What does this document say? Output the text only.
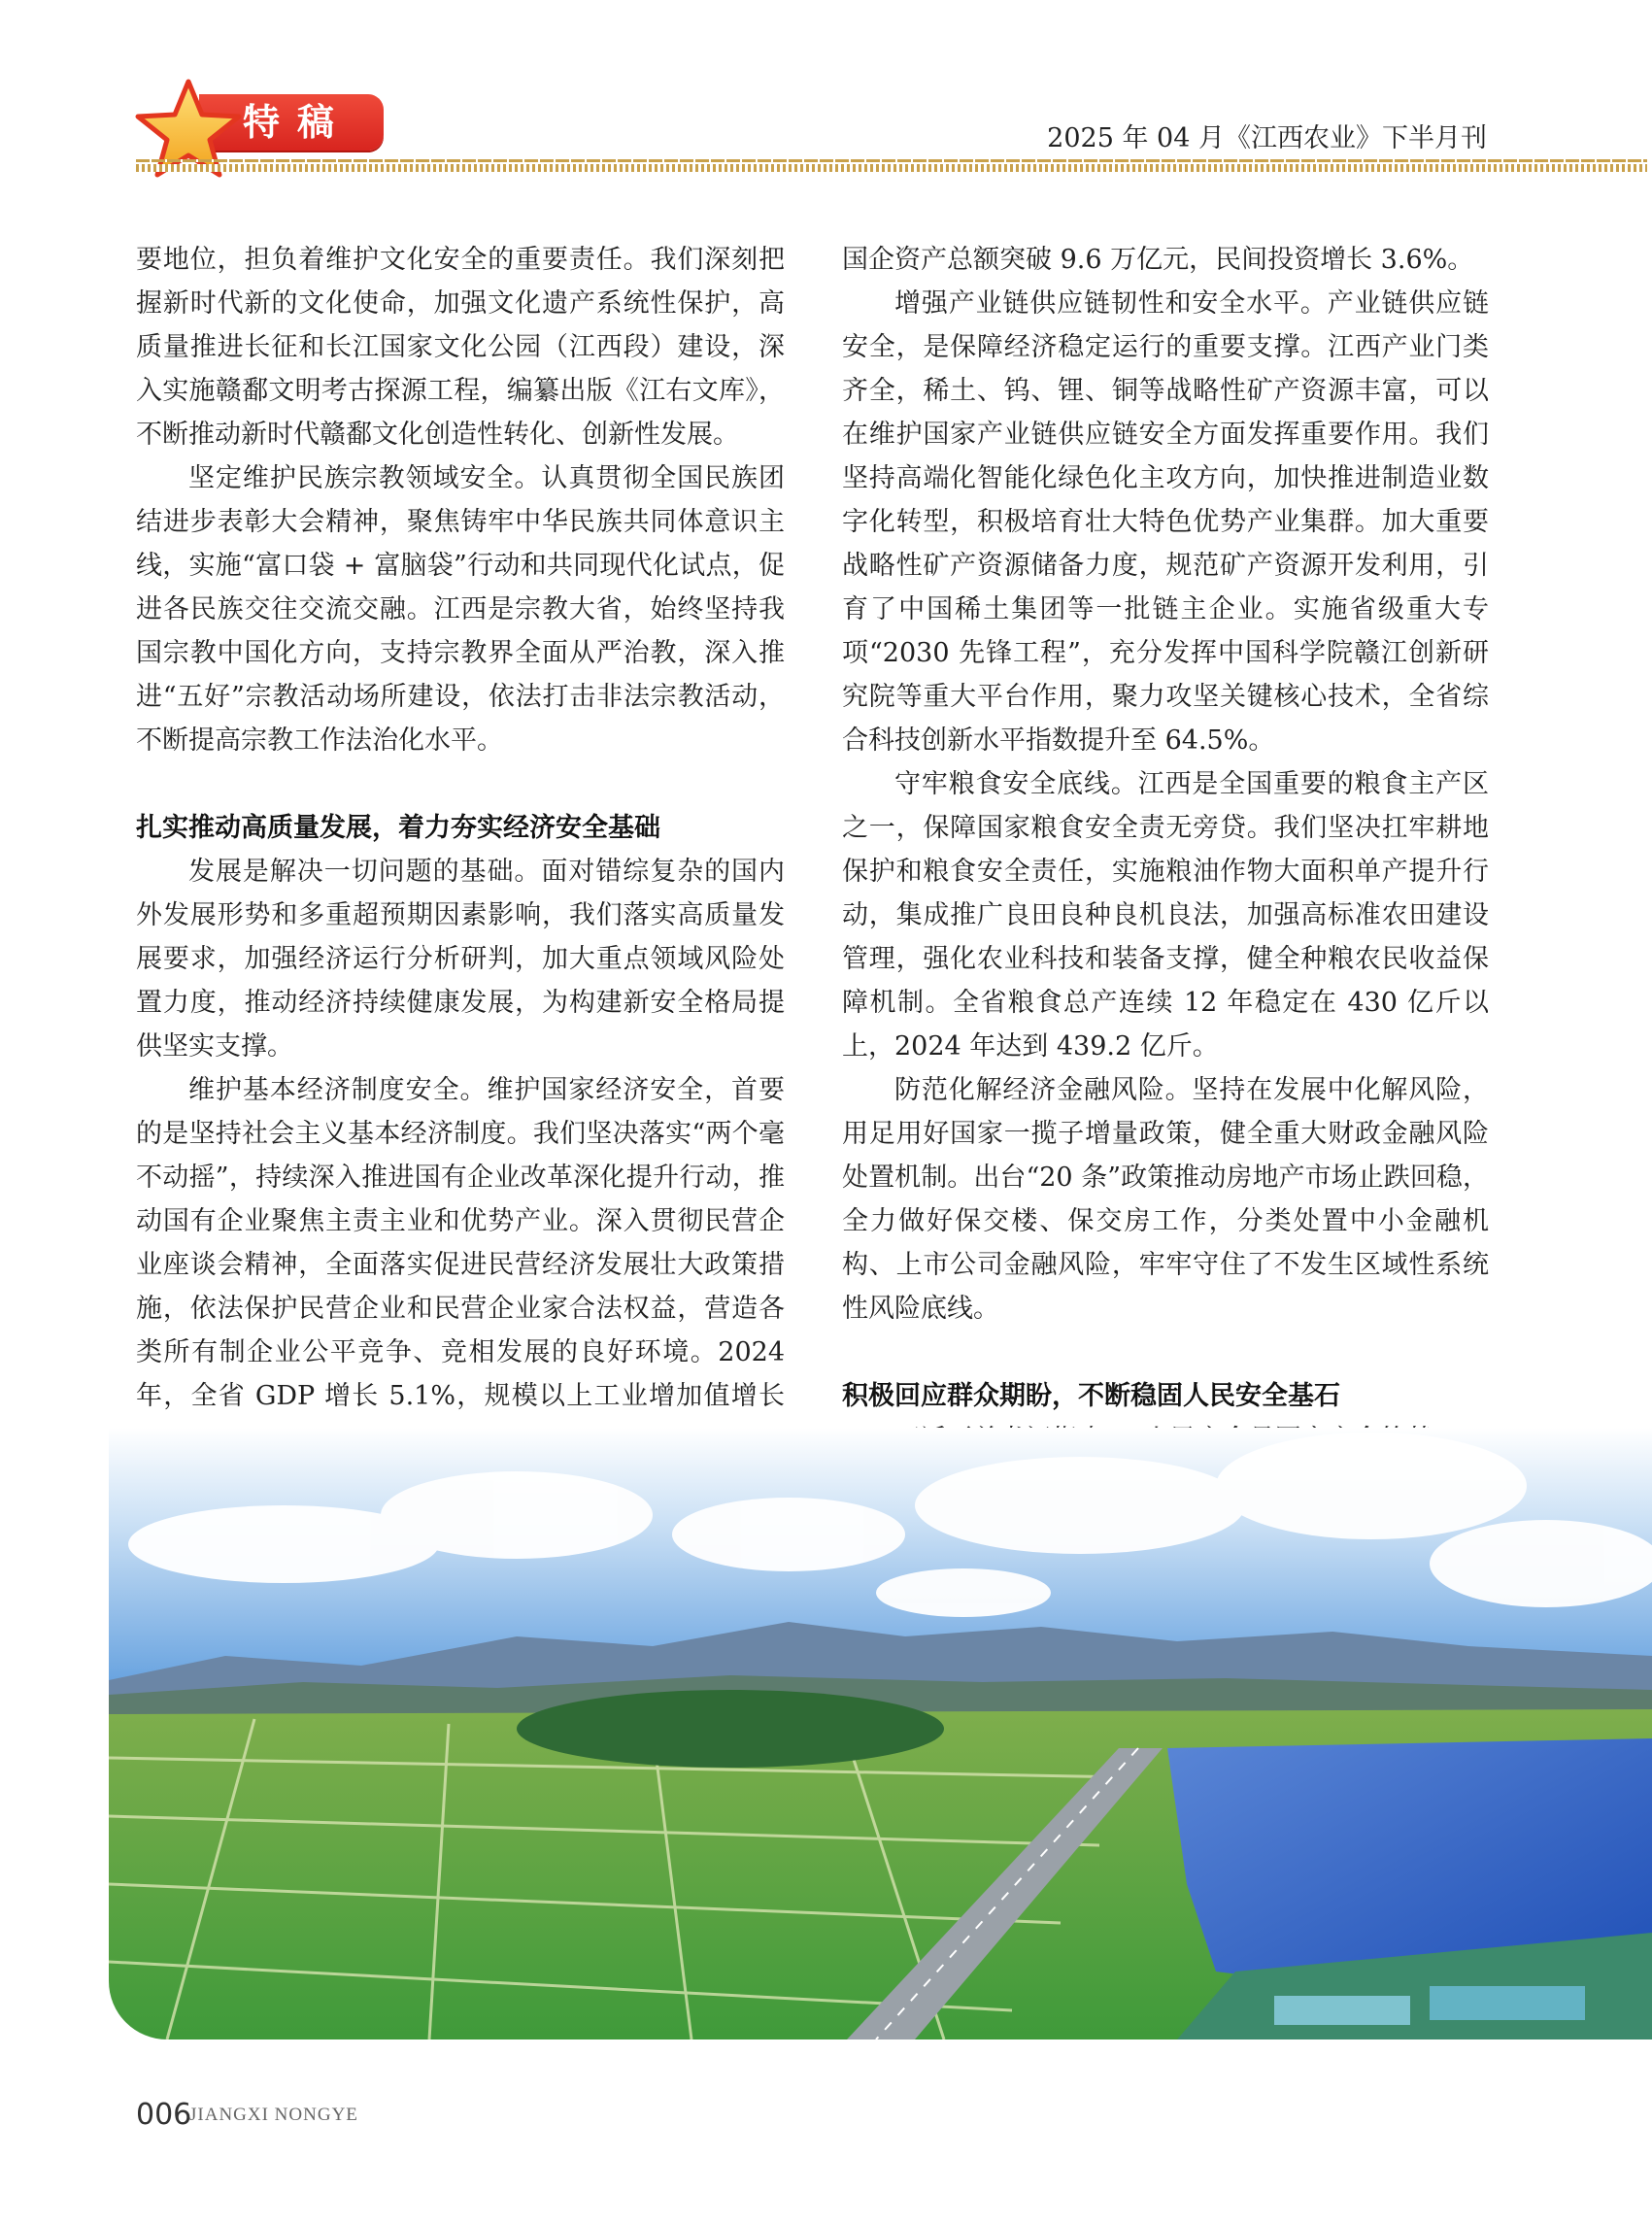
特稿	2025 年 04 月《江西农业》下半月刊

要地位，担负着维护文化安全的重要责任。我们深刻把握新时代新的文化使命，加强文化遗产系统性保护，高质量推进长征和长江国家文化公园（江西段）建设，深入实施赣鄱文明考古探源工程，编纂出版《江右文库》，不断推动新时代赣鄱文化创造性转化、创新性发展。

坚定维护民族宗教领域安全。认真贯彻全国民族团结进步表彰大会精神，聚焦铸牢中华民族共同体意识主线，实施“富口袋 + 富脑袋”行动和共同现代化试点，促进各民族交往交流交融。江西是宗教大省，始终坚持我国宗教中国化方向，支持宗教界全面从严治教，深入推进“五好”宗教活动场所建设，依法打击非法宗教活动，不断提高宗教工作法治化水平。

扎实推动高质量发展，着力夯实经济安全基础

发展是解决一切问题的基础。面对错综复杂的国内外发展形势和多重超预期因素影响，我们落实高质量发展要求，加强经济运行分析研判，加大重点领域风险处置力度，推动经济持续健康发展，为构建新安全格局提供坚实支撑。

维护基本经济制度安全。维护国家经济安全，首要的是坚持社会主义基本经济制度。我们坚决落实“两个毫不动摇”，持续深入推进国有企业改革深化提升行动，推动国有企业聚焦主责主业和优势产业。深入贯彻民营企业座谈会精神，全面落实促进民营经济发展壮大政策措施，依法保护民营企业和民营企业家合法权益，营造各类所有制企业公平竞争、竞相发展的良好环境。2024年，全省 GDP 增长 5.1%，规模以上工业增加值增长

国企资产总额突破 9.6 万亿元，民间投资增长 3.6%。

增强产业链供应链韧性和安全水平。产业链供应链安全，是保障经济稳定运行的重要支撑。江西产业门类齐全，稀土、钨、锂、铜等战略性矿产资源丰富，可以在维护国家产业链供应链安全方面发挥重要作用。我们坚持高端化智能化绿色化主攻方向，加快推进制造业数字化转型，积极培育壮大特色优势产业集群。加大重要战略性矿产资源储备力度，规范矿产资源开发利用，引育了中国稀土集团等一批链主企业。实施省级重大专项“2030 先锋工程”，充分发挥中国科学院赣江创新研究院等重大平台作用，聚力攻坚关键核心技术，全省综合科技创新水平指数提升至 64.5%。

守牢粮食安全底线。江西是全国重要的粮食主产区之一，保障国家粮食安全责无旁贷。我们坚决扛牢耕地保护和粮食安全责任，实施粮油作物大面积单产提升行动，集成推广良田良种良机良法，加强高标准农田建设管理，强化农业科技和装备支撑，健全种粮农民收益保障机制。全省粮食总产连续 12 年稳定在 430 亿斤以上，2024 年达到 439.2 亿斤。

防范化解经济金融风险。坚持在发展中化解风险，用足用好国家一揽子增量政策，健全重大财政金融风险处置机制。出台“20 条”政策推动房地产市场止跌回稳，全力做好保交楼、保交房工作，分类处置中小金融机构、上市公司金融风险，牢牢守住了不发生区域性系统性风险底线。

积极回应群众期盼，不断稳固人民安全基石

006
JIANGXI NONGYE
